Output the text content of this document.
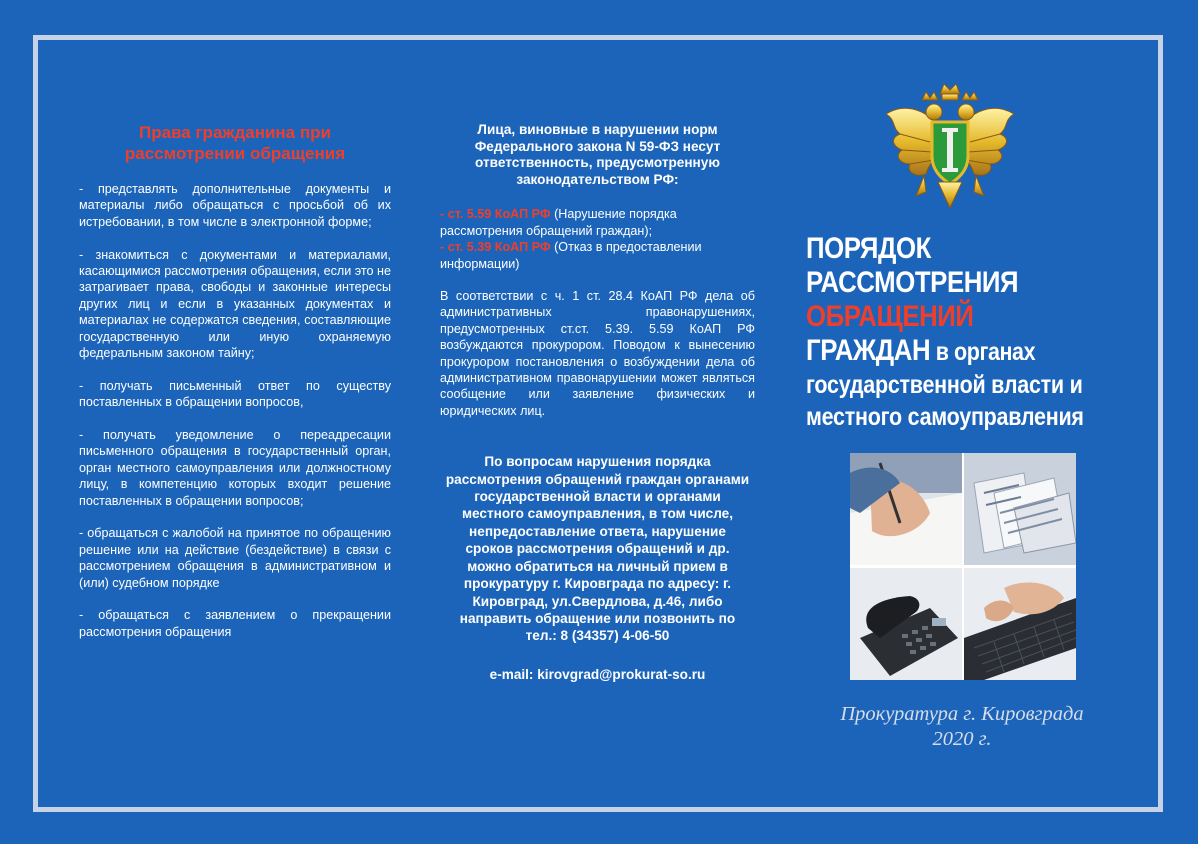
Права гражданина при рассмотрении обращения
- представлять дополнительные документы и материалы либо обращаться с просьбой об их истребовании, в том числе в электронной форме;
- знакомиться с документами и материалами, касающимися рассмотрения обращения, если это не затрагивает права, свободы и законные интересы других лиц и если в указанных документах и материалах не содержатся сведения, составляющие государственную или иную охраняемую федеральным законом тайну;
- получать письменный ответ по существу поставленных в обращении вопросов,
- получать уведомление о переадресации письменного обращения в государственный орган, орган местного самоуправления или должностному лицу, в компетенцию которых входит решение поставленных в обращении вопросов;
- обращаться с жалобой на принятое по обращению решение или на действие (бездействие) в связи с рассмотрением обращения в административном и (или) судебном порядке
- обращаться с заявлением о прекращении рассмотрения обращения
Лица, виновные в нарушении норм Федерального закона N 59-ФЗ несут ответственность, предусмотренную законодательством РФ:
- ст. 5.59 КоАП РФ (Нарушение порядка рассмотрения обращений граждан);
- ст. 5.39 КоАП РФ (Отказ в предоставлении информации)
В соответствии с ч. 1 ст. 28.4 КоАП РФ дела об административных правонарушениях, предусмотренных ст.ст. 5.39. 5.59 КоАП РФ возбуждаются прокурором. Поводом к вынесению прокурором постановления о возбуждении дела об административном правонарушении может являться сообщение или заявление физических и юридических лиц.
По вопросам нарушения порядка рассмотрения обращений граждан органами государственной власти и органами местного самоуправления, в том числе, непредоставление ответа, нарушение сроков рассмотрения обращений и др. можно обратиться на личный прием в прокуратуру г. Кировграда по адресу: г. Кировград, ул.Свердлова, д.46, либо направить обращение или позвонить по тел.: 8 (34357) 4-06-50
e-mail: kirovgrad@prokurat-so.ru
ПОРЯДОК
РАССМОТРЕНИЯ
ОБРАЩЕНИЙ
ГРАЖДАН в органах
государственной власти и
местного самоуправления
Прокуратура г. Кировграда
2020 г.
